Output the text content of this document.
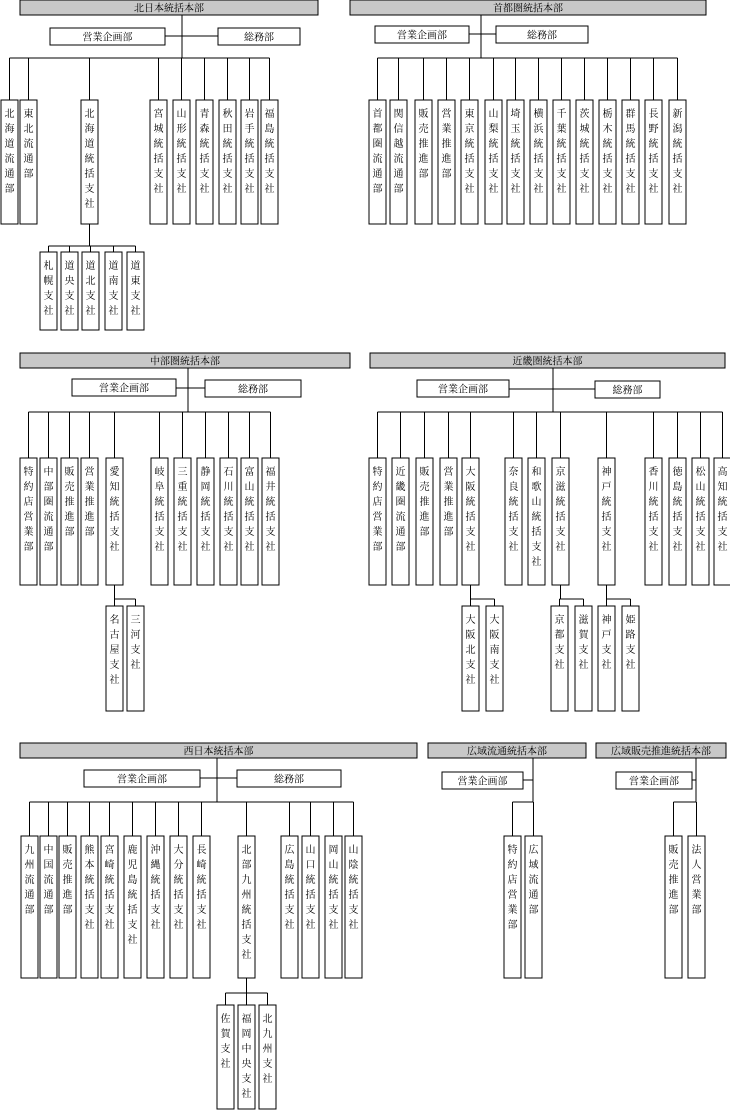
北日本統括本部
営業企画部	総務部
北海道流通部
東北流通部
北海道統括支社
札幌支社
道央支社
道北支社
道南支社
道東支社
宮城統括支社
山形統括支社
青森統括支社
秋田統括支社
岩手統括支社
福島統括支社
首都圏統括本部
営業企画部	総務部
首都圏流通部
関信越流通部
販売推進部
営業推進部
東京統括支社
山梨統括支社
埼玉統括支社
横浜統括支社
千葉統括支社
茨城統括支社
栃木統括支社
群馬統括支社
長野統括支社
新潟統括支社
中部圏統括本部
営業企画部	総務部
特約店営業部
中部圏流通部
販売推進部
営業推進部
愛知統括支社
名古屋支社
三河支社
岐阜統括支社
三重統括支社
静岡統括支社
石川統括支社
富山統括支社
福井統括支社
近畿圏統括本部
営業企画部	総務部
特約店営業部
近畿圏流通部
販売推進部
営業推進部
大阪統括支社
大阪北支社
大阪南支社
奈良統括支社
和歌山統括支社
京滋統括支社
京都支社
滋賀支社
神戸統括支社
神戸支社
姫路支社
香川統括支社
徳島統括支社
松山統括支社
高知統括支社
西日本統括本部
営業企画部	総務部
九州流通部
中国流通部
販売推進部
熊本統括支社
宮崎統括支社
鹿児島統括支社
沖縄統括支社
大分統括支社
長崎統括支社
北部九州統括支社
佐賀支社
福岡中央支社
北九州支社
広島統括支社
山口統括支社
岡山統括支社
山陰統括支社
広域流通統括本部
営業企画部
特約店営業部
広域流通部
広域販売推進統括本部
営業企画部
販売推進部
法人営業部
